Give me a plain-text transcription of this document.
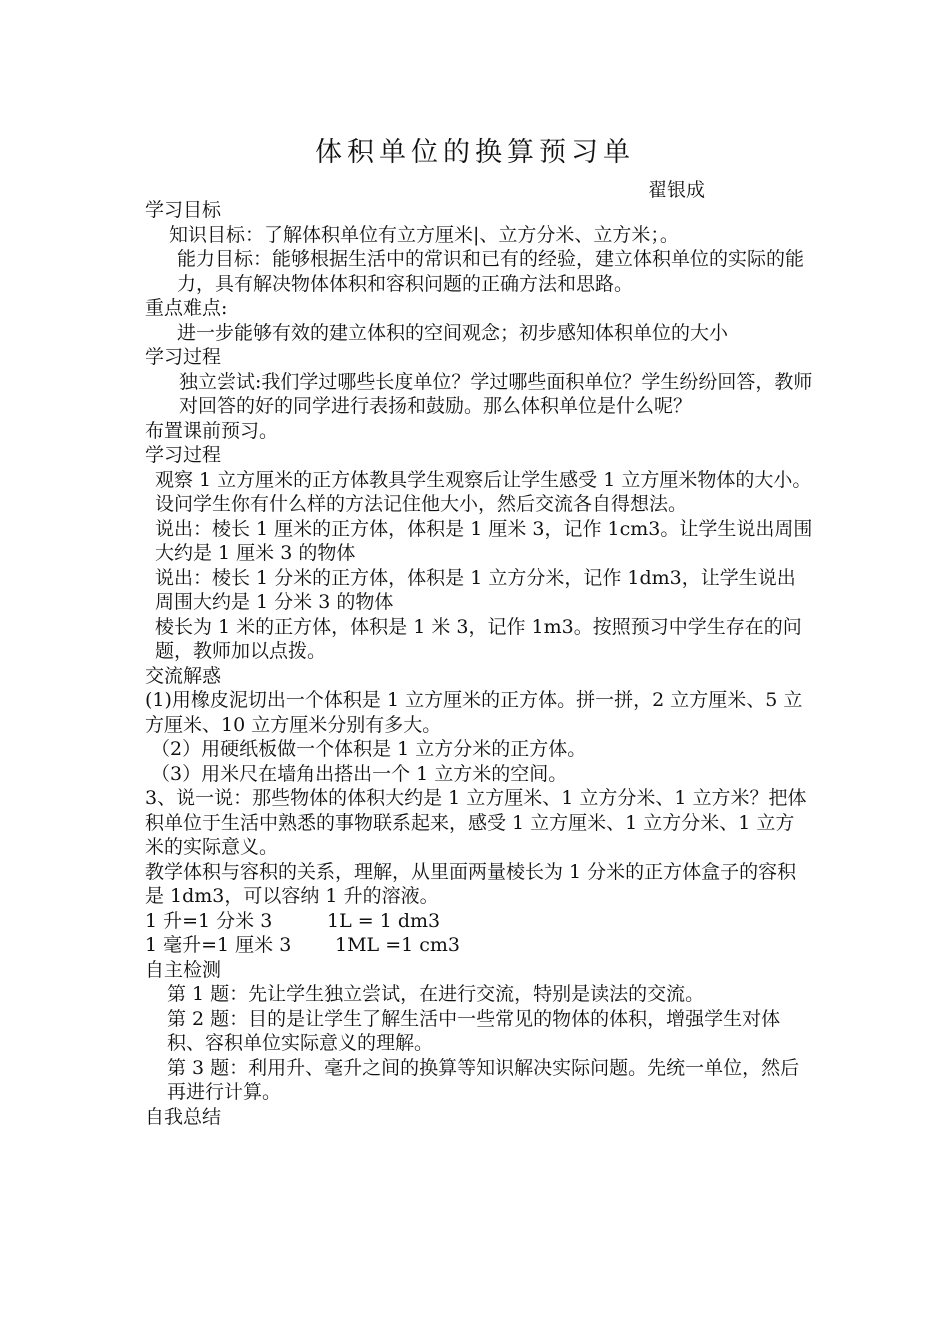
体积单位的换算预习单
翟银成

学习目标

知识目标：了解体积单位有立方厘米|、立方分米、立方米；。

能力目标：能够根据生活中的常识和已有的经验，建立体积单位的实际的能力，具有解决物体体积和容积问题的正确方法和思路。

重点难点:

进一步能够有效的建立体积的空间观念；初步感知体积单位的大小

学习过程

独立尝试:我们学过哪些长度单位？学过哪些面积单位？学生纷纷回答，教师对回答的好的同学进行表扬和鼓励。那么体积单位是什么呢？

布置课前预习。

学习过程

观察 1 立方厘米的正方体教具学生观察后让学生感受 1 立方厘米物体的大小。设问学生你有什么样的方法记住他大小，然后交流各自得想法。

说出：棱长 1 厘米的正方体，体积是 1 厘米 3，记作 1cm3。让学生说出周围大约是 1 厘米 3 的物体

说出：棱长 1 分米的正方体，体积是 1 立方分米，记作 1dm3，让学生说出周围大约是 1 分米 3 的物体

棱长为 1 米的正方体，体积是 1 米 3，记作 1m3。按照预习中学生存在的问题，教师加以点拨。

交流解惑

(1)用橡皮泥切出一个体积是 1 立方厘米的正方体。拼一拼，2 立方厘米、5 立方厘米、10 立方厘米分别有多大。

（2）用硬纸板做一个体积是 1 立方分米的正方体。

（3）用米尺在墙角出搭出一个 1 立方米的空间。

3、说一说：那些物体的体积大约是 1 立方厘米、1 立方分米、1 立方米？把体积单位于生活中熟悉的事物联系起来，感受 1 立方厘米、1 立方分米、1 立方米的实际意义。

教学体积与容积的关系，理解，从里面两量棱长为 1 分米的正方体盒子的容积是 1dm3，可以容纳 1 升的溶液。

1 升=1 分米 3	1L = 1 dm3

1 毫升=1 厘米 3 1ML =1 cm3

自主检测

第 1 题：先让学生独立尝试，在进行交流，特别是读法的交流。

第 2 题：目的是让学生了解生活中一些常见的物体的体积，增强学生对体积、容积单位实际意义的理解。

第 3 题：利用升、毫升之间的换算等知识解决实际问题。先统一单位，然后再进行计算。

自我总结
